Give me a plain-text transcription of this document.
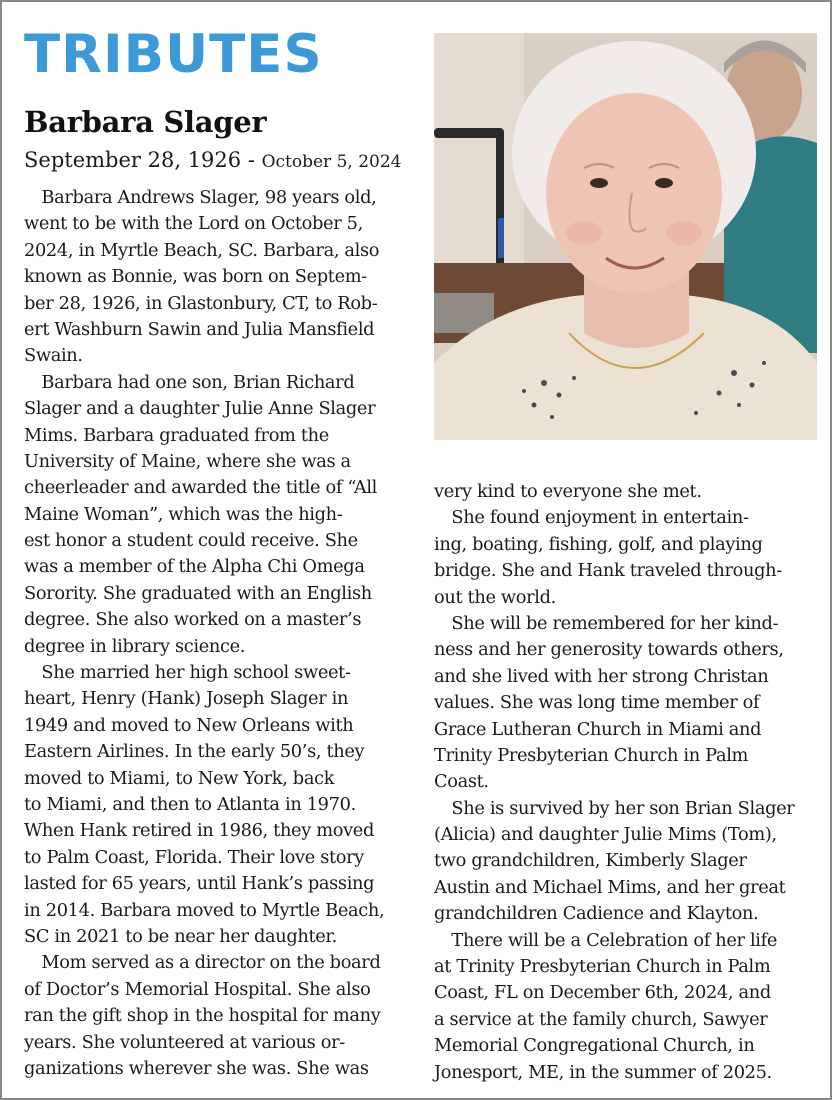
TRIBUTES
Barbara Slager
September 28, 1926 - October 5, 2024
 Barbara Andrews Slager, 98 years old,
went to be with the Lord on October 5,
2024, in Myrtle Beach, SC. Barbara, also
known as Bonnie, was born on Septem-
ber 28, 1926, in Glastonbury, CT, to Rob-
ert Washburn Sawin and Julia Mansfield
Swain.
 Barbara had one son, Brian Richard
Slager and a daughter Julie Anne Slager
Mims. Barbara graduated from the
University of Maine, where she was a
cheerleader and awarded the title of “All
Maine Woman”, which was the high-
est honor a student could receive. She
was a member of the Alpha Chi Omega
Sorority. She graduated with an English
degree. She also worked on a master’s
degree in library science.
 She married her high school sweet-
heart, Henry (Hank) Joseph Slager in
1949 and moved to New Orleans with
Eastern Airlines. In the early 50’s, they
moved to Miami, to New York, back
to Miami, and then to Atlanta in 1970.
When Hank retired in 1986, they moved
to Palm Coast, Florida. Their love story
lasted for 65 years, until Hank’s passing
in 2014. Barbara moved to Myrtle Beach,
SC in 2021 to be near her daughter.
 Mom served as a director on the board
of Doctor’s Memorial Hospital. She also
ran the gift shop in the hospital for many
years. She volunteered at various or-
ganizations wherever she was. She was
very kind to everyone she met.
 She found enjoyment in entertain-
ing, boating, fishing, golf, and playing
bridge. She and Hank traveled through-
out the world.
 She will be remembered for her kind-
ness and her generosity towards others,
and she lived with her strong Christan
values. She was long time member of
Grace Lutheran Church in Miami and
Trinity Presbyterian Church in Palm
Coast.
 She is survived by her son Brian Slager
(Alicia) and daughter Julie Mims (Tom),
two grandchildren, Kimberly Slager
Austin and Michael Mims, and her great
grandchildren Cadience and Klayton.
 There will be a Celebration of her life
at Trinity Presbyterian Church in Palm
Coast, FL on December 6th, 2024, and
a service at the family church, Sawyer
Memorial Congregational Church, in
Jonesport, ME, in the summer of 2025.
